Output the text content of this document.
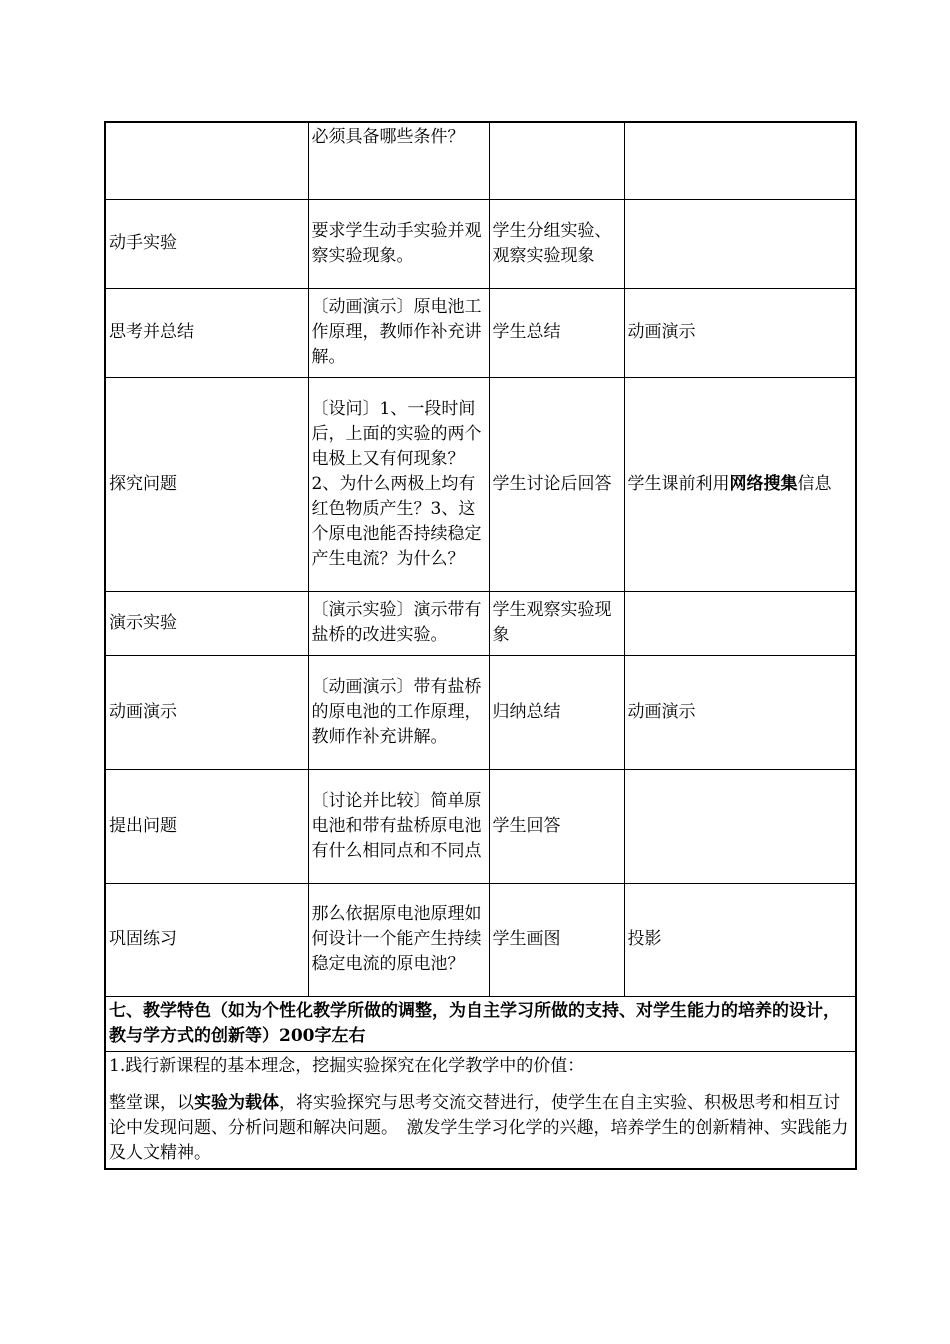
	必须具备哪些条件？		
动手实验	要求学生动手实验并观察实验现象。	学生分组实验、观察实验现象	
思考并总结	〔动画演示〕原电池工作原理，教师作补充讲解。	学生总结	动画演示
探究问题	〔设问〕1、一段时间后，上面的实验的两个电极上又有何现象？2、为什么两极上均有红色物质产生？3、这个原电池能否持续稳定产生电流？为什么？	学生讨论后回答	学生课前利用网络搜集信息
演示实验	〔演示实验〕演示带有盐桥的改进实验。	学生观察实验现象	
动画演示	〔动画演示〕带有盐桥的原电池的工作原理，教师作补充讲解。	归纳总结	动画演示
提出问题	〔讨论并比较〕简单原电池和带有盐桥原电池有什么相同点和不同点	学生回答	
巩固练习	那么依据原电池原理如何设计一个能产生持续稳定电流的原电池？	学生画图	投影
七、教学特色（如为个性化教学所做的调整，为自主学习所做的支持、对学生能力的培养的设计，教与学方式的创新等）200字左右			

1.践行新课程的基本理念，挖掘实验探究在化学教学中的价值：

整堂课，以实验为载体，将实验探究与思考交流交替进行，使学生在自主实验、积极思考和相互讨论中发现问题、分析问题和解决问题。　激发学生学习化学的兴趣，培养学生的创新精神、实践能力及人文精神。			
